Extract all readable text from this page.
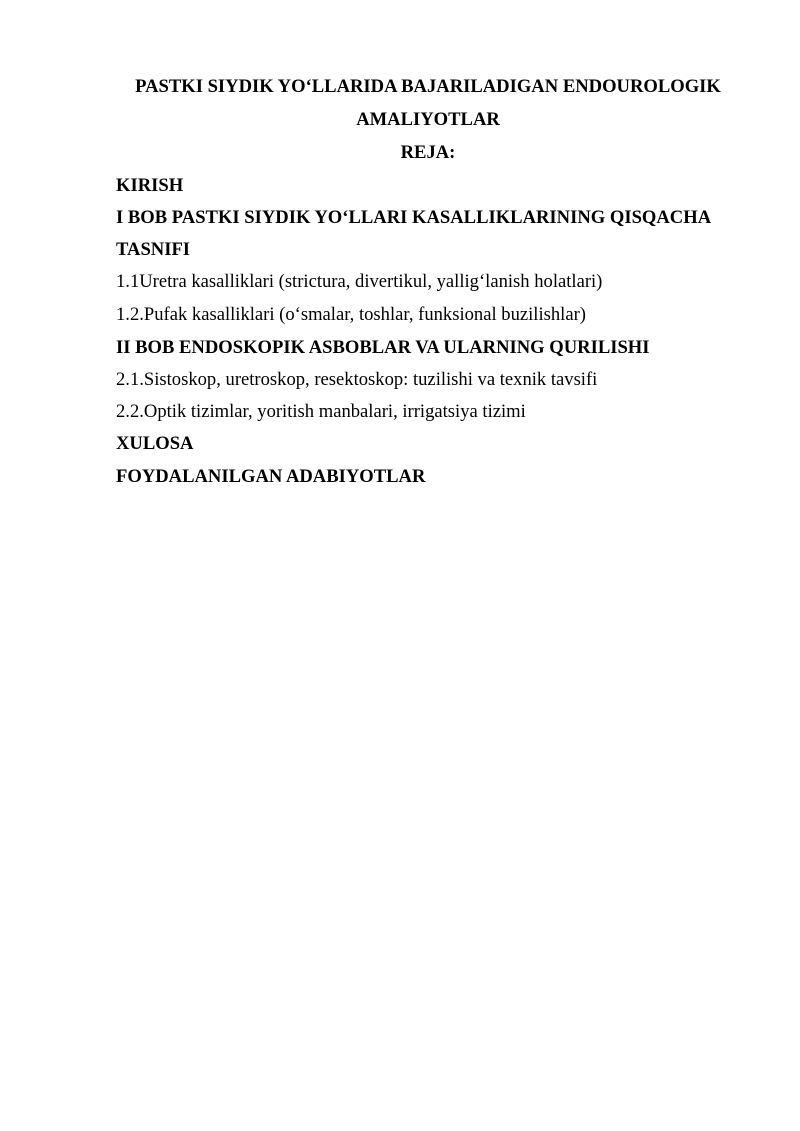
PASTKI SIYDIK YO‘LLARIDA BAJARILADIGAN ENDOUROLOGIK
AMALIYOTLAR
REJA:
KIRISH
I BOB PASTKI SIYDIK YO‘LLARI KASALLIKLARINING QISQACHA
TASNIFI
1.1Uretra kasalliklari (strictura, divertikul, yallig‘lanish holatlari)
1.2.Pufak kasalliklari (o‘smalar, toshlar, funksional buzilishlar)
II BOB ENDOSKOPIK ASBOBLAR VA ULARNING QURILISHI
2.1.Sistoskop, uretroskop, resektoskop: tuzilishi va texnik tavsifi
2.2.Optik tizimlar, yoritish manbalari, irrigatsiya tizimi
XULOSA
FOYDALANILGAN ADABIYOTLAR
